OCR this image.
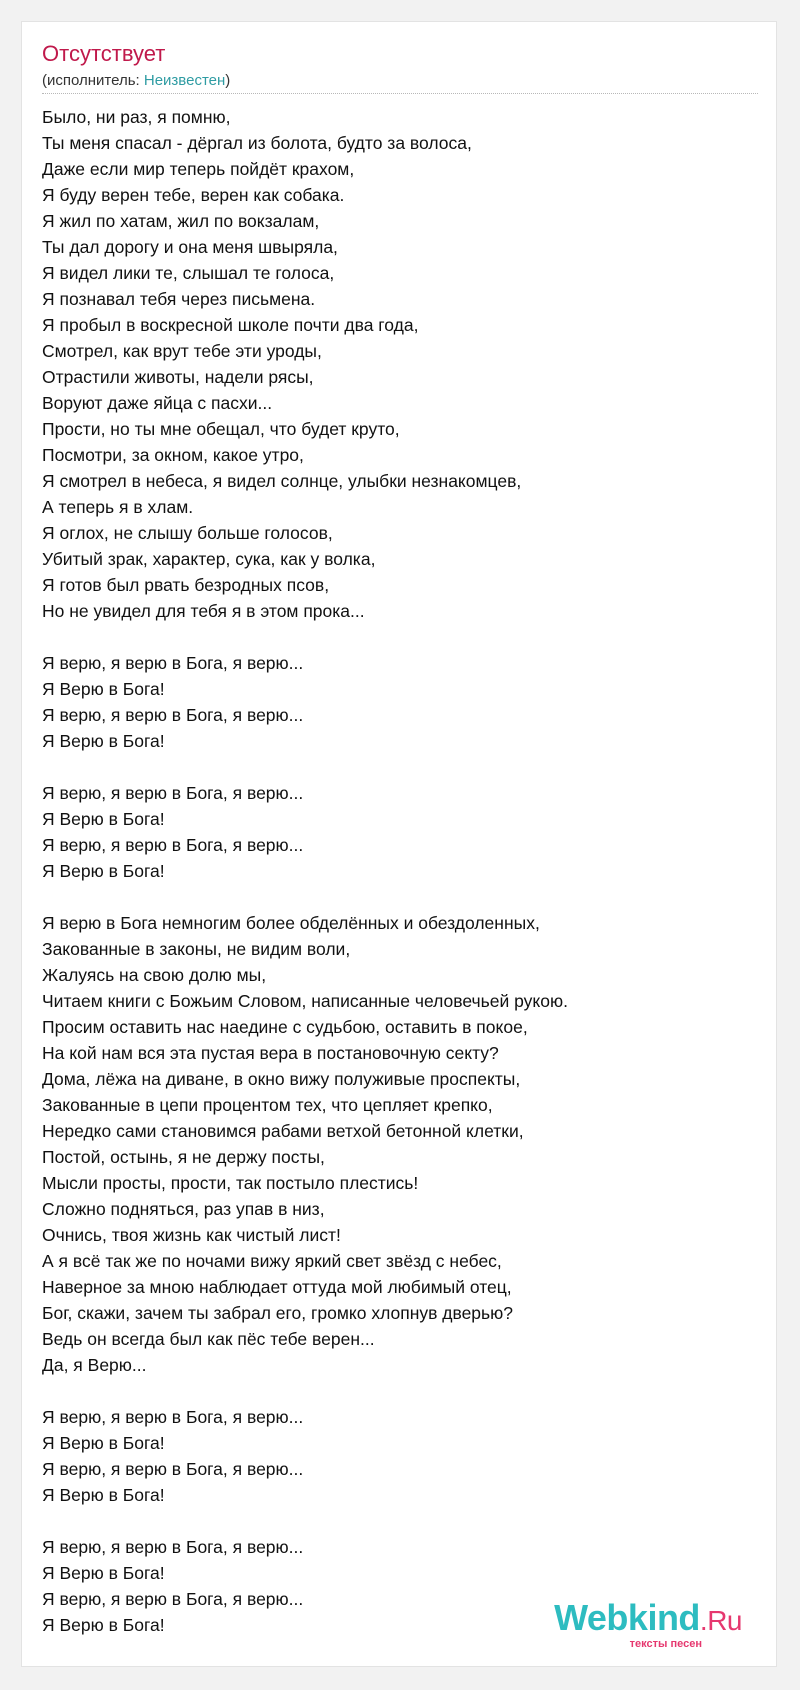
Отсутствует
(исполнитель: Неизвестен)
Было, ни раз, я помню,
Ты меня спасал - дёргал из болота, будто за волоса,
Даже если мир теперь пойдёт крахом,
Я буду верен тебе, верен как собака.
Я жил по хатам, жил по вокзалам,
Ты дал дорогу и она меня швыряла,
Я видел лики те, слышал те голоса,
Я познавал тебя через письмена.
Я пробыл в воскресной школе почти два года,
Смотрел, как врут тебе эти уроды,
Отрастили животы, надели рясы,
Воруют даже яйца с пасхи...
Прости, но ты мне обещал, что будет круто,
Посмотри, за окном, какое утро,
Я смотрел в небеса, я видел солнце, улыбки незнакомцев,
А теперь я в хлам.
Я оглох, не слышу больше голосов,
Убитый зрак, характер, сука, как у волка,
Я готов был рвать безродных псов,
Но не увидел для тебя я в этом прока...
Я верю, я верю в Бога, я верю...
Я Верю в Бога!
Я верю, я верю в Бога, я верю...
Я Верю в Бога!
Я верю, я верю в Бога, я верю...
Я Верю в Бога!
Я верю, я верю в Бога, я верю...
Я Верю в Бога!
Я верю в Бога немногим более обделённых и обездоленных,
Закованные в законы, не видим воли,
Жалуясь на свою долю мы,
Читаем книги с Божьим Словом, написанные человечьей рукою.
Просим оставить нас наедине с судьбою, оставить в покое,
На кой нам вся эта пустая вера в постановочную секту?
Дома, лёжа на диване, в окно вижу полуживые проспекты,
Закованные в цепи процентом тех, что цепляет крепко,
Нередко сами становимся рабами ветхой бетонной клетки,
Постой, остынь, я не держу посты,
Мысли просты, прости, так постыло плестись!
Сложно подняться, раз упав в низ,
Очнись, твоя жизнь как чистый лист!
А я всё так же по ночами вижу яркий свет звёзд с небес,
Наверное за мною наблюдает оттуда мой любимый отец,
Бог, скажи, зачем ты забрал его, громко хлопнув дверью?
Ведь он всегда был как пёс тебе верен...
Да, я Верю...
Я верю, я верю в Бога, я верю...
Я Верю в Бога!
Я верю, я верю в Бога, я верю...
Я Верю в Бога!
Я верю, я верю в Бога, я верю...
Я Верю в Бога!
Я верю, я верю в Бога, я верю...
Я Верю в Бога!	Webkind.Ru
тексты песен
